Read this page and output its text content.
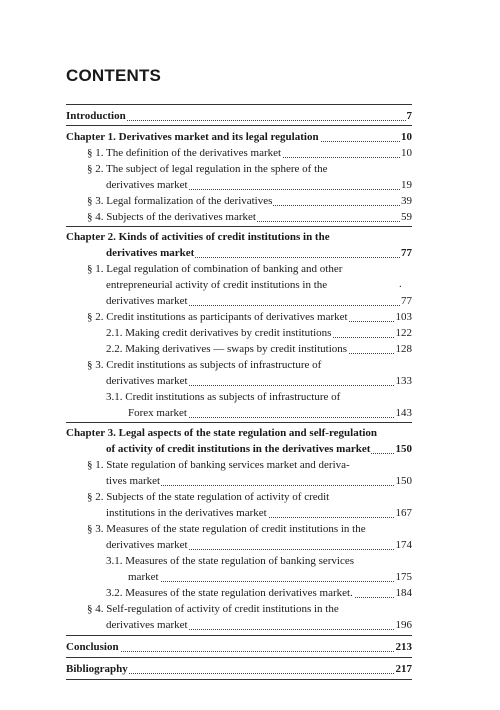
CONTENTS
Introduction	7
Chapter 1. Derivatives market and its legal regulation	10
§ 1. The definition of the derivatives market	10
§ 2. The subject of legal regulation in the sphere of the
derivatives market	19
§ 3. Legal formalization of the derivatives	39
§ 4. Subjects of the derivatives market	59
Chapter 2. Kinds of activities of credit institutions in the
derivatives market	77
§ 1. Legal regulation of combination of banking and other
entrepreneurial activity of credit institutions in the	.
derivatives market	77
§ 2. Credit institutions as participants of derivatives market	103
2.1. Making credit derivatives by credit institutions	122
2.2. Making derivatives — swaps by credit institutions	128
§ 3. Credit institutions as subjects of infrastructure of
derivatives market	133
3.1. Credit institutions as subjects of infrastructure of
Forex market	143
Chapter 3. Legal aspects of the state regulation and self-regulation
of activity of credit institutions in the derivatives market 150
§ 1. State regulation of banking services market and deriva-
tives market	150
§ 2. Subjects of the state regulation of activity of credit
institutions in the derivatives market	167
§ 3. Measures of the state regulation of credit institutions in the
derivatives market	174
3.1. Measures of the state regulation of banking services
market	175
3.2. Measures of the state regulation derivatives market.	184
§ 4. Self-regulation of activity of credit institutions in the
derivatives market	196
Conclusion	213
Bibliography	217
